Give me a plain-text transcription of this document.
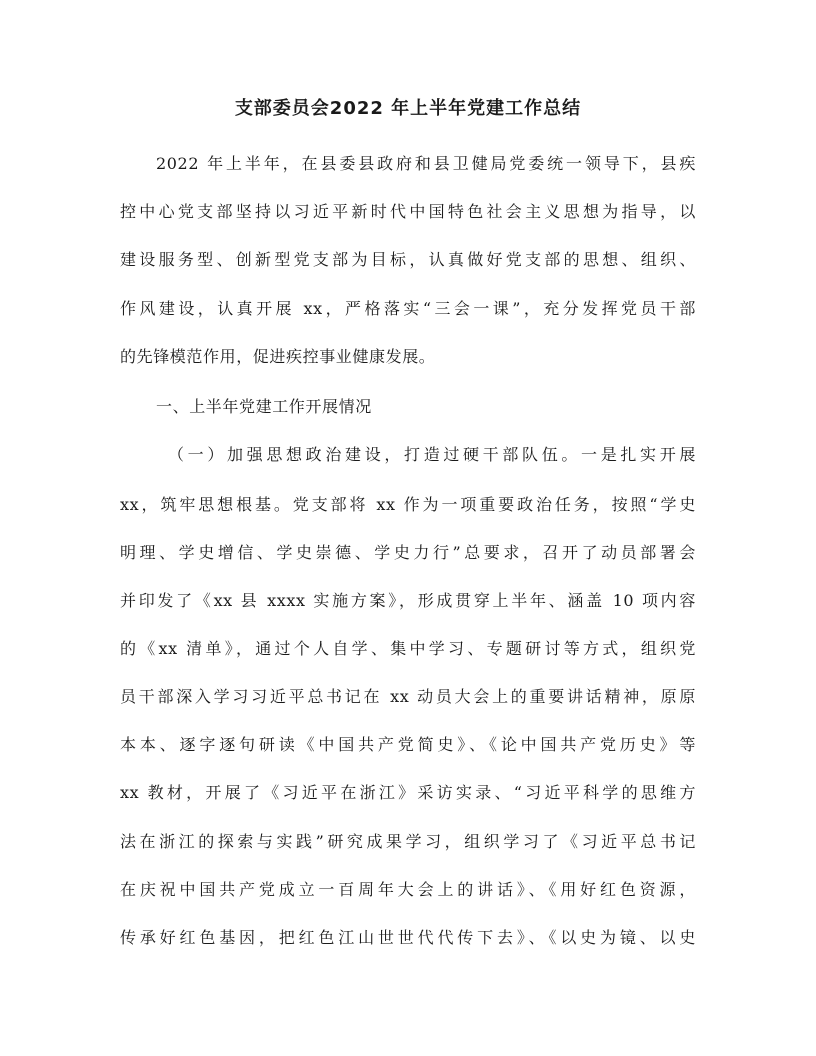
支部委员会2022 年上半年党建工作总结
2022 年上半年，在县委县政府和县卫健局党委统一领导下，县疾
控中心党支部坚持以习近平新时代中国特色社会主义思想为指导，以
建设服务型、创新型党支部为目标，认真做好党支部的思想、组织、
作风建设，认真开展 xx，严格落实“三会一课”，充分发挥党员干部
的先锋模范作用，促进疾控事业健康发展。
一、上半年党建工作开展情况
（一）加强思想政治建设，打造过硬干部队伍。一是扎实开展
xx，筑牢思想根基。党支部将 xx 作为一项重要政治任务，按照“学史
明理、学史增信、学史崇德、学史力行”总要求，召开了动员部署会
并印发了《xx 县 xxxx 实施方案》，形成贯穿上半年、涵盖 10 项内容
的《xx 清单》，通过个人自学、集中学习、专题研讨等方式，组织党
员干部深入学习习近平总书记在 xx 动员大会上的重要讲话精神，原原
本本、逐字逐句研读《中国共产党简史》、《论中国共产党历史》等
xx 教材，开展了《习近平在浙江》采访实录、“习近平科学的思维方
法在浙江的探索与实践”研究成果学习，组织学习了《习近平总书记
在庆祝中国共产党成立一百周年大会上的讲话》、《用好红色资源，
传承好红色基因，把红色江山世世代代传下去》、《以史为镜、以史
